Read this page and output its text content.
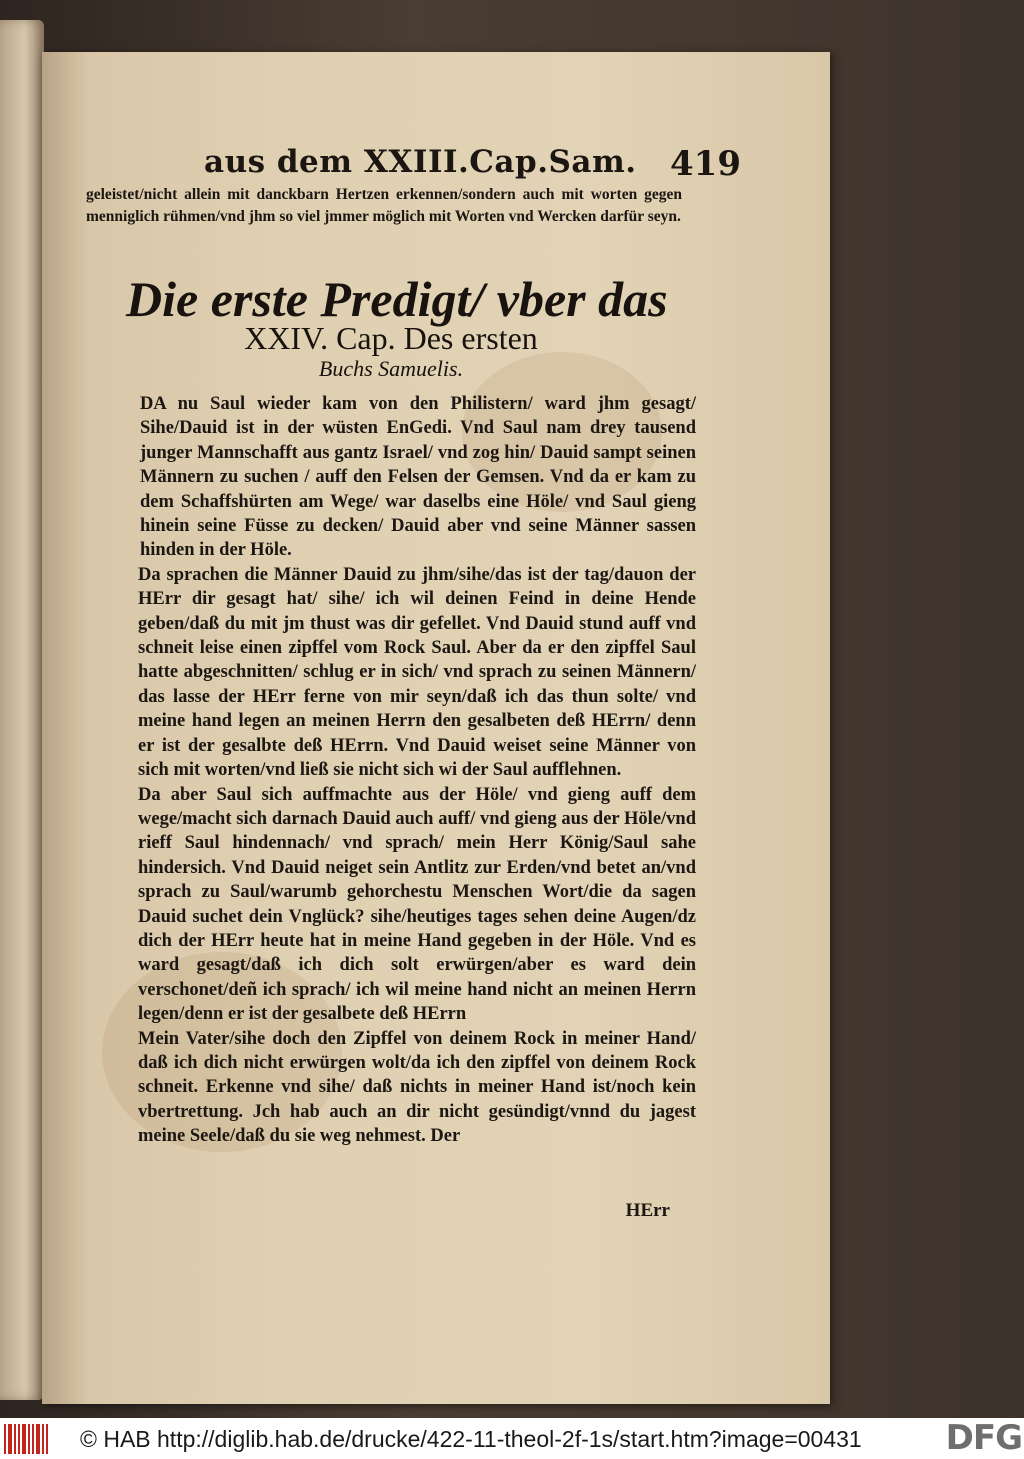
aus dem XXIII.Cap.Sam. 419
geleistet/nicht allein mit danckbarn Hertzen erkennen/sondern auch mit worten gegen menniglich rühmen/vnd jhm so viel jmmer möglich mit Worten vnd Wercken darfür seyn.
Die erste Predigt/ vber das
XXIV. Cap. Des ersten
Buchs Samuelis.

DA nu Saul wieder kam von den Philistern/ ward jhm gesagt/ Sihe/Dauid ist in der wüsten EnGedi. Vnd Saul nam drey tausend junger Mannschafft aus gantz Israel/ vnd zog hin/ Dauid sampt seinen Männern zu suchen / auff den Felsen der Gemsen. Vnd da er kam zu dem Schaffshürten am Wege/ war daselbs eine Höle/ vnd Saul gieng hinein seine Füsse zu decken/ Dauid aber vnd seine Männer sassen hinden in der Höle.

Da sprachen die Männer Dauid zu jhm/sihe/das ist der tag/dauon der HErr dir gesagt hat/ sihe/ ich wil deinen Feind in deine Hende geben/daß du mit jm thust was dir gefellet. Vnd Dauid stund auff vnd schneit leise einen zipffel vom Rock Saul. Aber da er den zipffel Saul hatte abgeschnitten/ schlug er in sich/ vnd sprach zu seinen Männern/ das lasse der HErr ferne von mir seyn/daß ich das thun solte/ vnd meine hand legen an meinen Herrn den gesalbeten deß HErrn/ denn er ist der gesalbte deß HErrn. Vnd Dauid weiset seine Männer von sich mit worten/vnd ließ sie nicht sich wi der Saul aufflehnen.

Da aber Saul sich auffmachte aus der Höle/ vnd gieng auff dem wege/macht sich darnach Dauid auch auff/ vnd gieng aus der Höle/vnd rieff Saul hindennach/ vnd sprach/ mein Herr König/Saul sahe hindersich. Vnd Dauid neiget sein Antlitz zur Erden/vnd betet an/vnd sprach zu Saul/warumb gehorchestu Menschen Wort/die da sagen Dauid suchet dein Vnglück? sihe/heutiges tages sehen deine Augen/dz dich der HErr heute hat in meine Hand gegeben in der Höle. Vnd es ward gesagt/daß ich dich solt erwürgen/aber es ward dein verschonet/deñ ich sprach/ ich wil meine hand nicht an meinen Herrn legen/denn er ist der gesalbete deß HErrn

Mein Vater/sihe doch den Zipffel von deinem Rock in meiner Hand/ daß ich dich nicht erwürgen wolt/da ich den zipffel von deinem Rock schneit. Erkenne vnd sihe/ daß nichts in meiner Hand ist/noch kein vbertrettung. Jch hab auch an dir nicht gesündigt/vnnd du jagest meine Seele/daß du sie weg nehmest. Der

HErr
© HAB http://diglib.hab.de/drucke/422-11-theol-2f-1s/start.htm?image=00431	DFG
